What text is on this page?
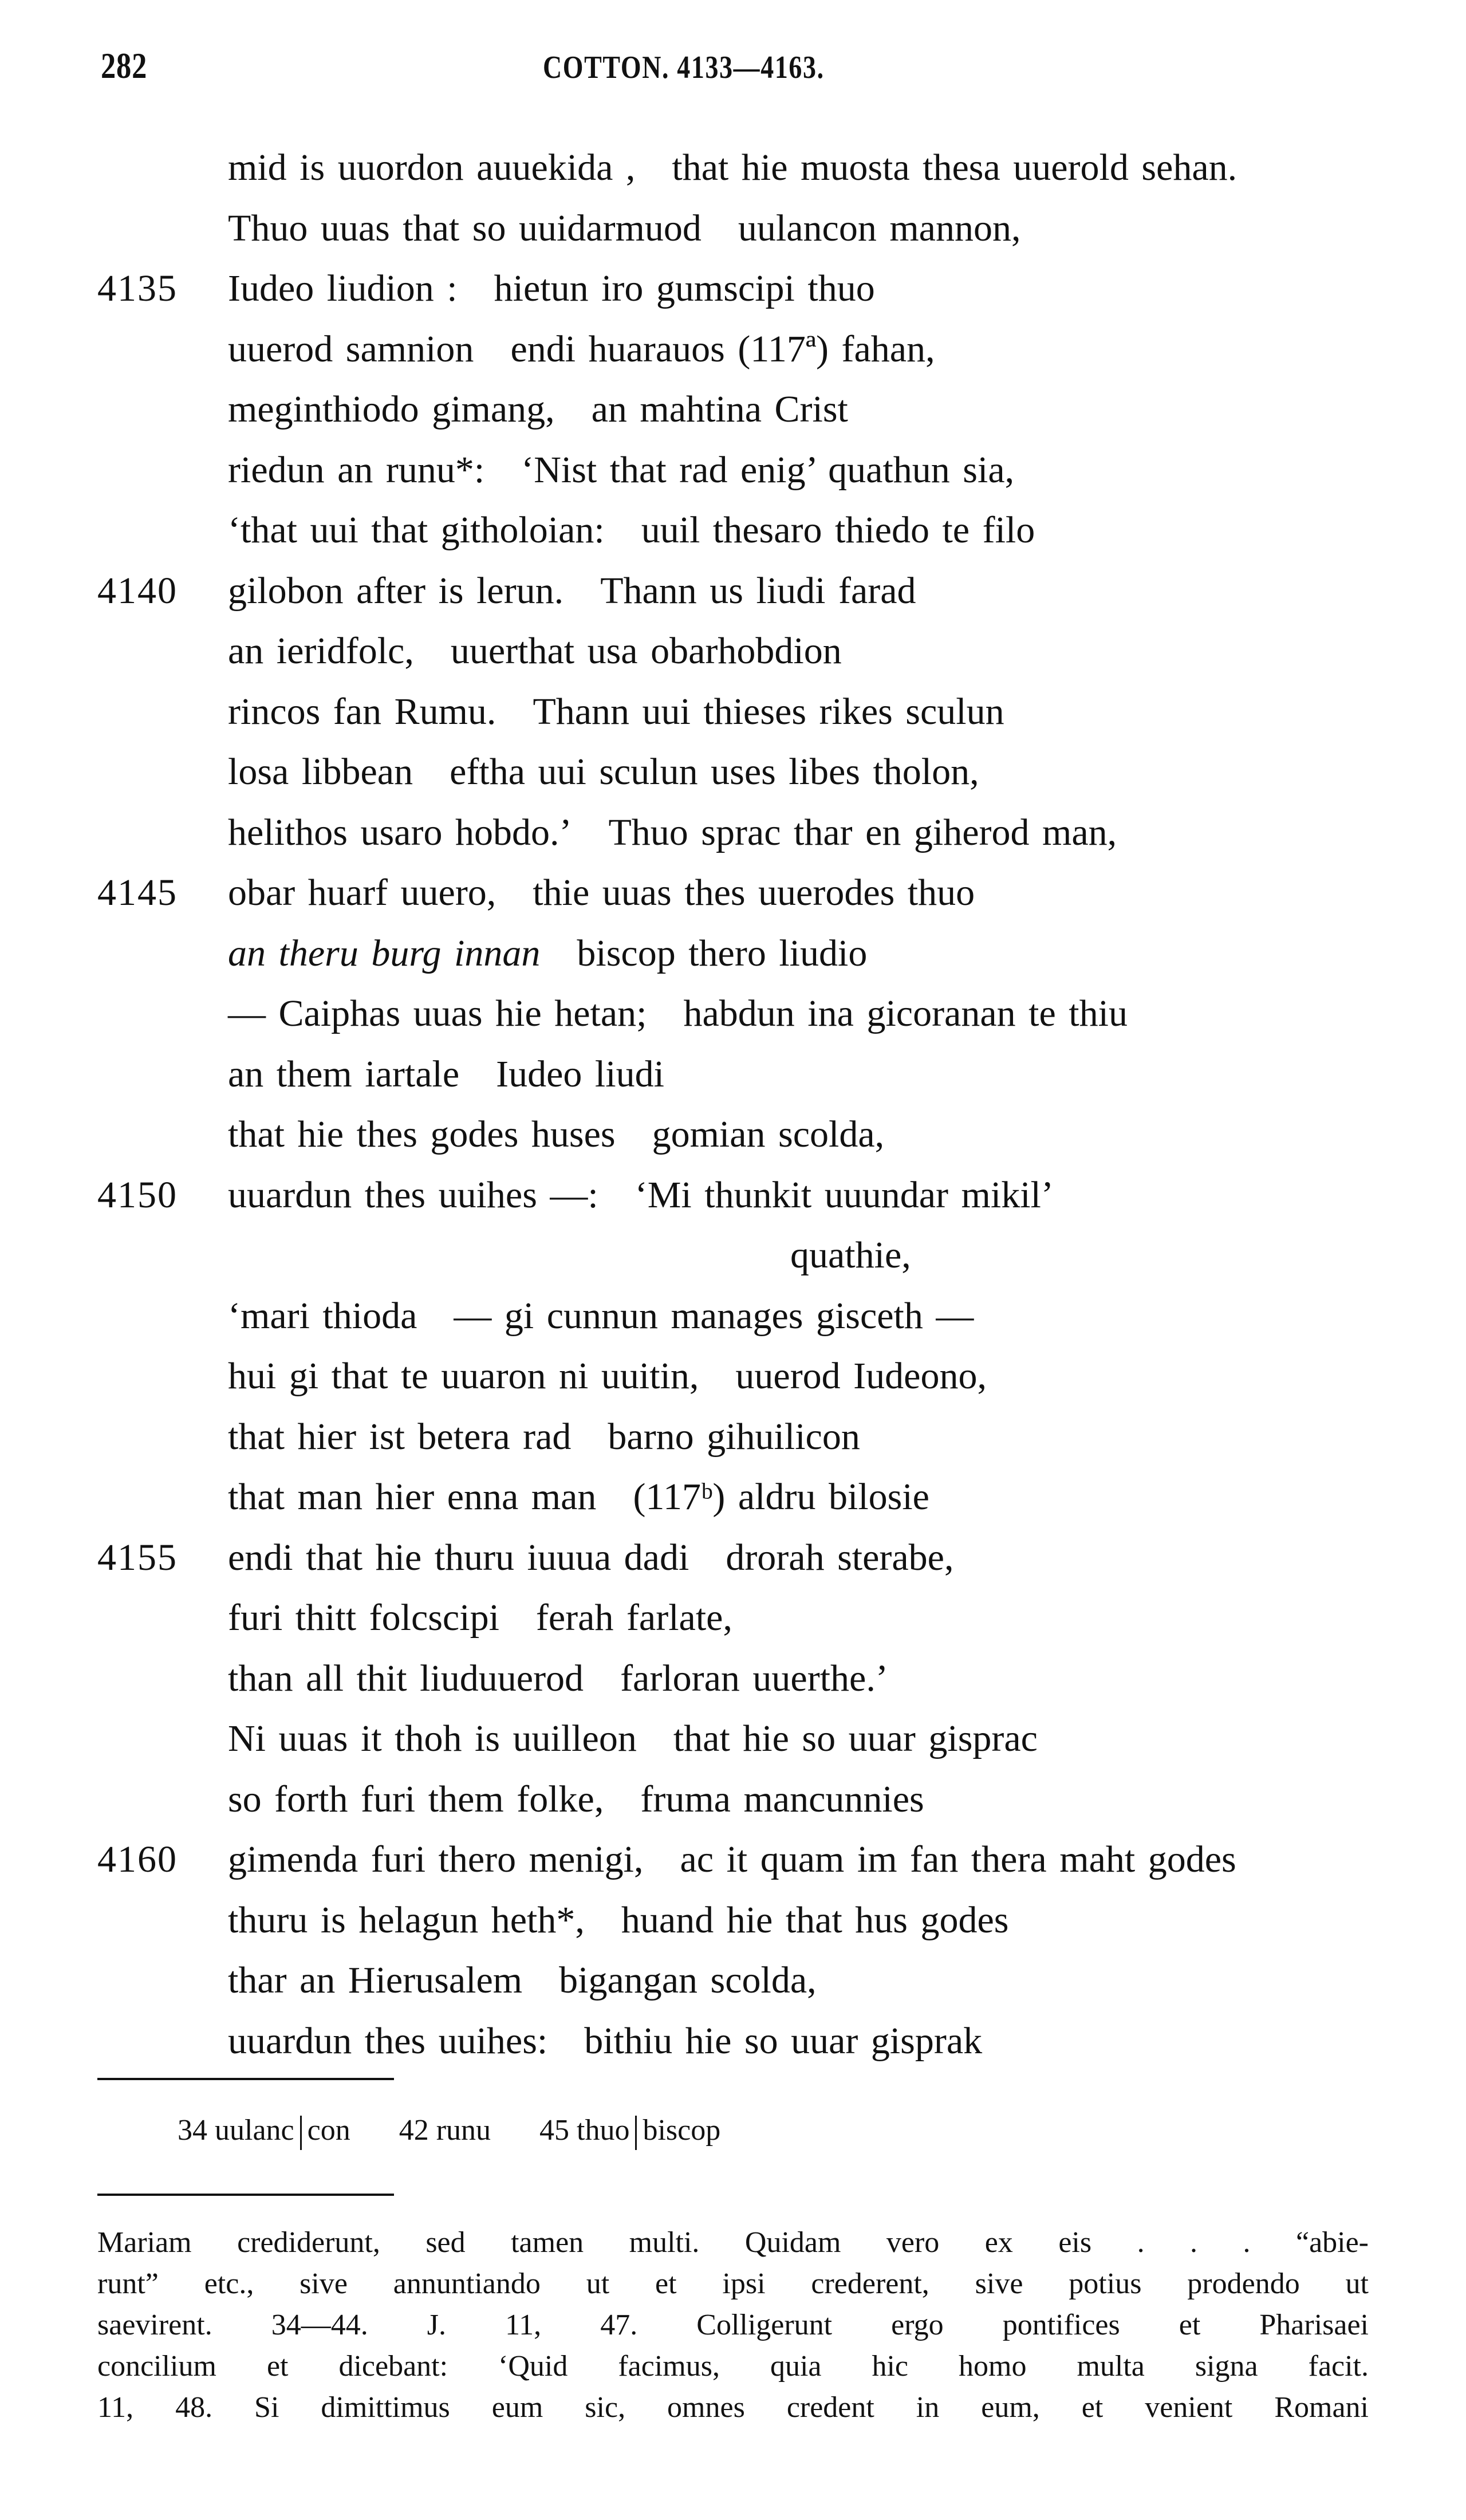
282	COTTON. 4133—4163.
mid is uuordon auuekida , that hie muosta thesa uuerold sehan.
Thuo uuas that so uuidarmuod uulancon mannon,
4135 Iudeo liudion : hietun iro gumscipi thuo
uuerod samnion endi huarauos (117ª) fahan,
meginthiodo gimang, an mahtina Crist
riedun an runu*: ‘Nist that rad enig’ quathun sia,
‘that uui that githoloian: uuil thesaro thiedo te filo
4140 gilobon after is lerun. Thann us liudi farad
an ieridfolc, uuerthat usa obarhobdion
rincos fan Rumu. Thann uui thieses rikes sculun
losa libbean eftha uui sculun uses libes tholon,
helithos usaro hobdo.’ Thuo sprac thar en giherod man,
4145 obar huarf uuero, thie uuas thes uuerodes thuo
an theru burg innan biscop thero liudio
— Caiphas uuas hie hetan; habdun ina gicoranan te thiu
an them iartale Iudeo liudi
that hie thes godes huses gomian scolda,
4150 uuardun thes uuihes —: ‘Mi thunkit uuundar mikil’
quathie,
‘mari thioda — gi cunnun manages gisceth —
hui gi that te uuaron ni uuitin, uuerod Iudeono,
that hier ist betera rad barno gihuilicon
that man hier enna man (117ᵇ) aldru bilosie
4155 endi that hie thuru iuuua dadi drorah sterabe,
furi thitt folcscipi ferah farlate,
than all thit liuduuerod farloran uuerthe.’
Ni uuas it thoh is uuilleon that hie so uuar gisprac
so forth furi them folke, fruma mancunnies
4160 gimenda furi thero menigi, ac it quam im fan thera maht godes
thuru is helagun heth*, huand hie that hus godes
thar an Hierusalem bigangan scolda,
uuardun thes uuihes: bithiu hie so uuar gisprak
34 uulanc con 42 runu 45 thuo biscop
Mariam crediderunt, sed tamen multi. Quidam vero ex eis . . . “abie-
runt” etc., sive annuntiando ut et ipsi crederent, sive potius prodendo ut
saevirent. 34—44. J. 11, 47. Colligerunt ergo pontifices et Pharisaei
concilium et dicebant: ‘Quid facimus, quia hic homo multa signa facit.
11, 48. Si dimittimus eum sic, omnes credent in eum, et venient Romani
